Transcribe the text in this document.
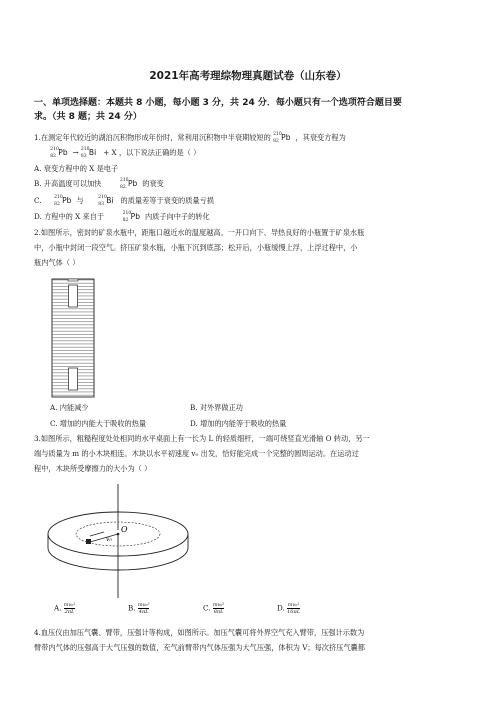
2021年高考理综物理真题试卷（山东卷）
一、单项选择题：本题共 8 小题，每小题 3 分，共 24 分．每小题只有一个选项符合题目要
求。（共 8 题；共 24 分）
1.在测定年代较近的湖泊沉积物形成年份时，常利用沉积物中半衰期较短的 210
82 Pb ，其衰变方程为

210
82 Pb → 210
83 Bi + X ，以下说法正确的是（ ）
A. 衰变方程中的 X 是电子
B. 升高温度可以加快	210
82 Pb 的衰变
C.	210
82 Pb 与	210
83 Bi 的质量差等于衰变的质量亏损
D. 方程中的 X 来自于	210
82 Pb 内质子向中子的转化
2.如图所示，密封的矿泉水瓶中，距瓶口越近水的温度越高。一开口向下、导热良好的小瓶置于矿泉水瓶
中，小瓶中封闭一段空气。挤压矿泉水瓶，小瓶下沉到底部；松开后，小瓶缓慢上浮，上浮过程中，小
瓶内气体（ ）
A. 内能减少	B. 对外界做正功
C. 增加的内能大于吸收的热量	D. 增加的内能等于吸收的热量
3.如图所示，粗糙程度处处相同的水平桌面上有一长为 L 的轻质细杆，一端可绕竖直光滑轴 O 转动，另一
端与质量为 m 的小木块相连。木块以水平初速度 v₀ 出发，恰好能完成一个完整的圆周运动。在运动过
程中，木块所受摩擦力的大小为（ ）
O
v₀
A. $\frac{\text{mv₀²}}{2\pi L}$	B. $\frac{\text{mv₀²}}{4\pi L}$	C. $\frac{\text{mv₀²}}{8\pi L}$	D. $\frac{\text{mv₀²}}{16\pi L}$
4.血压仪由加压气囊、臂带，压强计等构成，如图所示。加压气囊可将外界空气充入臂带，压强计示数为
臂带内气体的压强高于大气压强的数值，充气前臂带内气体压强为大气压强，体积为 V；每次挤压气囊都
